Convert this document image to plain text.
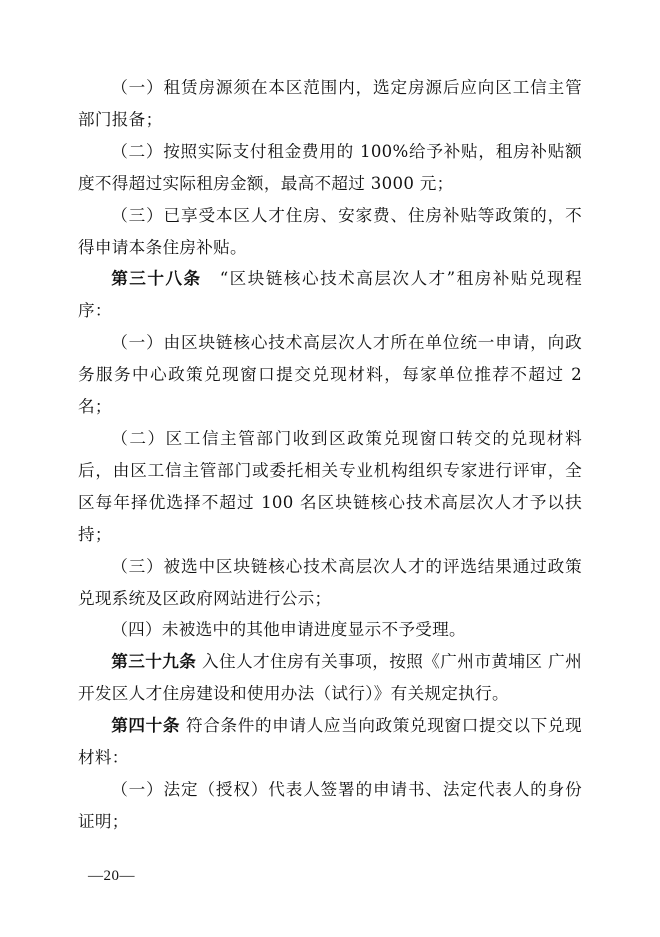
（一）租赁房源须在本区范围内，选定房源后应向区工信主管部门报备；

（二）按照实际支付租金费用的 100%给予补贴，租房补贴额度不得超过实际租房金额，最高不超过 3000 元；

（三）已享受本区人才住房、安家费、住房补贴等政策的，不得申请本条住房补贴。

第三十八条　“区块链核心技术高层次人才”租房补贴兑现程序：

（一）由区块链核心技术高层次人才所在单位统一申请，向政务服务中心政策兑现窗口提交兑现材料，每家单位推荐不超过 2 名；

（二）区工信主管部门收到区政策兑现窗口转交的兑现材料后，由区工信主管部门或委托相关专业机构组织专家进行评审，全区每年择优选择不超过 100 名区块链核心技术高层次人才予以扶持；

（三）被选中区块链核心技术高层次人才的评选结果通过政策兑现系统及区政府网站进行公示；

（四）未被选中的其他申请进度显示不予受理。

第三十九条 入住人才住房有关事项，按照《广州市黄埔区 广州开发区人才住房建设和使用办法（试行）》有关规定执行。

第四十条 符合条件的申请人应当向政策兑现窗口提交以下兑现材料：

（一）法定（授权）代表人签署的申请书、法定代表人的身份证明；

—20—
